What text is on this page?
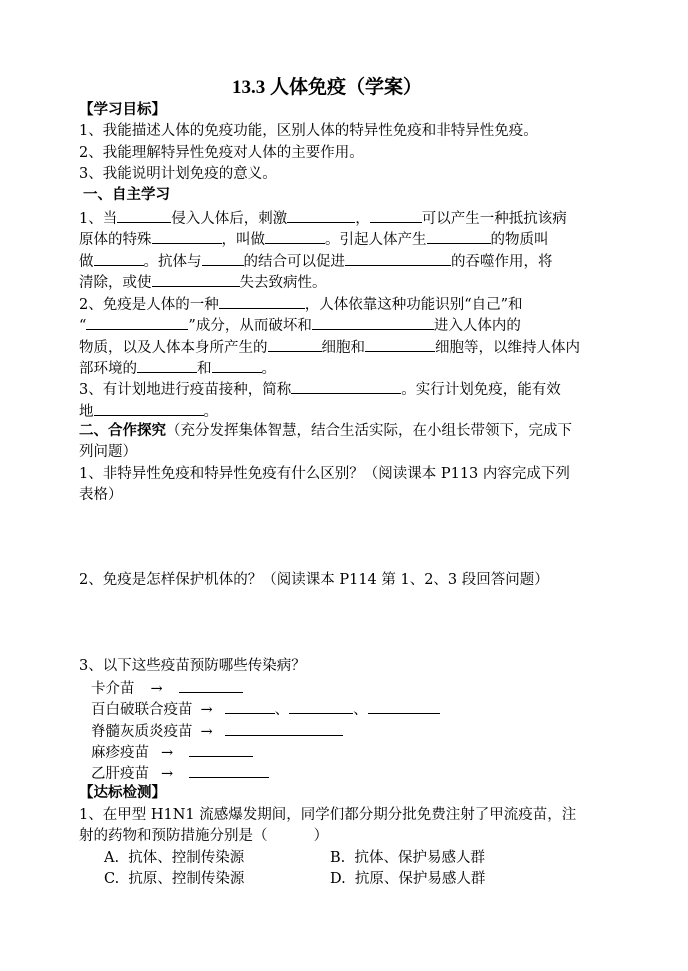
13.3 人体免疫（学案）
【学习目标】
1、我能描述人体的免疫功能，区别人体的特异性免疫和非特异性免疫。
2、我能理解特异性免疫对人体的主要作用。
3、我能说明计划免疫的意义。
一、自主学习
1、当	侵入人体后，刺激	，	可以产生一种抵抗该病
原体的特殊	，叫做	。引起人体产生	的物质叫
做	。抗体与	的结合可以促进	的吞噬作用，将
清除，或使	失去致病性。
2、免疫是人体的一种	，人体依靠这种功能识别“自己”和
“	”成分，从而破坏和	进入人体内的
物质，以及人体本身所产生的	细胞和	细胞等，以维持人体内
部环境的	和	。
3、有计划地进行疫苗接种，简称	。实行计划免疫，能有效
地	。
二、合作探究（充分发挥集体智慧，结合生活实际，在小组长带领下，完成下
列问题）
1、非特异性免疫和特异性免疫有什么区别？（阅读课本 P113 内容完成下列
表格）
2、免疫是怎样保护机体的？（阅读课本 P114 第 1、2、3 段回答问题）
3、以下这些疫苗预防哪些传染病？
卡介苗 →
百白破联合疫苗 →	、	、
脊髓灰质炎疫苗 →
麻疹疫苗 →
乙肝疫苗 →
【达标检测】
1、在甲型 H1N1 流感爆发期间，同学们都分期分批免费注射了甲流疫苗，注
射的药物和预防措施分别是（          ）
A.  抗体、控制传染源	B.  抗体、保护易感人群
C.  抗原、控制传染源	D.  抗原、保护易感人群
